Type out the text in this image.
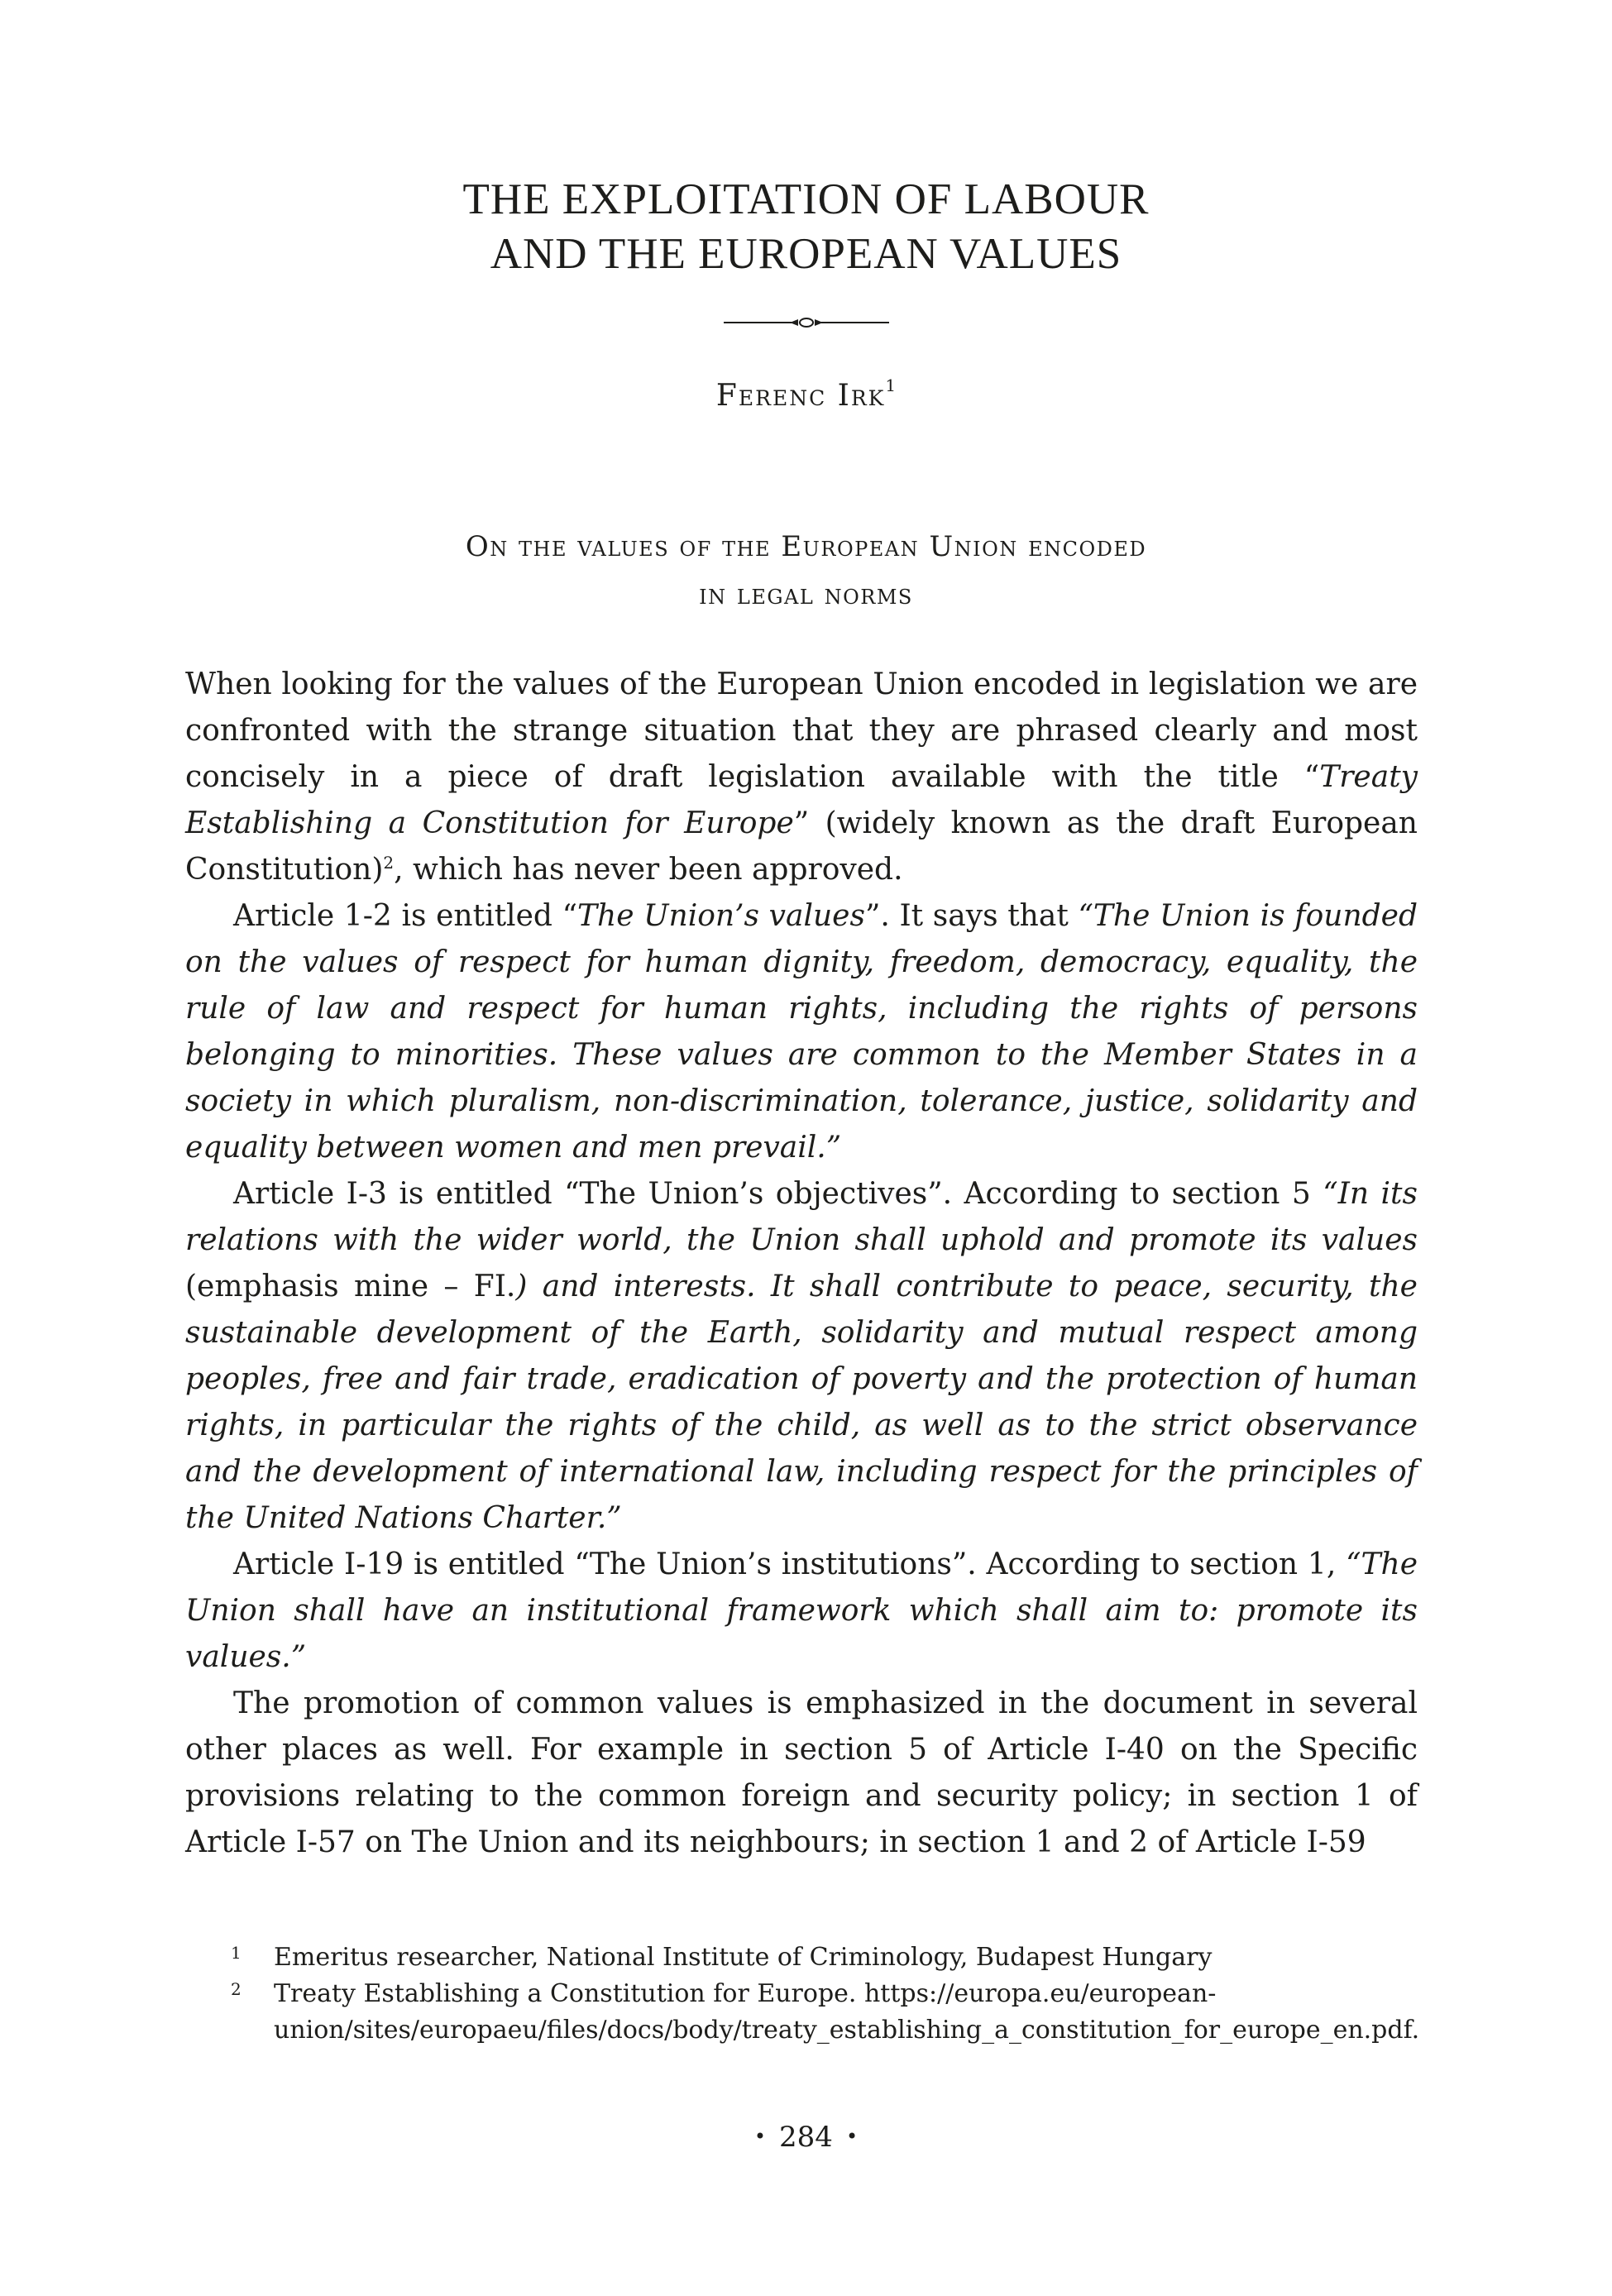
THE EXPLOITATION OF LABOUR
AND THE EUROPEAN VALUES
Ferenc Irk$^1$
On the values of the European Union encoded
in legal norms

When looking for the values of the European Union encoded in legislation we are confronted with the strange situation that they are phrased clearly and most concisely in a piece of draft legislation available with the title “Treaty Establishing a Constitution for Europe” (widely known as the draft European Constitution)$^2$, which has never been approved.

Article 1-2 is entitled “The Union’s values”. It says that “The Union is founded on the values of respect for human dignity, freedom, democracy, equality, the rule of law and respect for human rights, including the rights of persons belonging to minorities. These values are common to the Member States in a society in which pluralism, non-discrimination, tolerance, justice, solidarity and equality between women and men prevail.”

Article I-3 is entitled “The Union’s objectives”. According to section 5 “In its relations with the wider world, the Union shall uphold and promote its values (emphasis mine – FI.) and interests. It shall contribute to peace, security, the sustainable development of the Earth, solidarity and mutual respect among peoples, free and fair trade, eradication of poverty and the protection of human rights, in particular the rights of the child, as well as to the strict observance and the development of international law, including respect for the principles of the United Nations Charter.”

Article I-19 is entitled “The Union’s institutions”. According to section 1, “The Union shall have an institutional framework which shall aim to: promote its values.”

The promotion of common values is emphasized in the document in several other places as well. For example in section 5 of Article I-40 on the Specific provisions relating to the common foreign and security policy; in section 1 of Article I-57 on The Union and its neighbours; in section 1 and 2 of Article I-59

1 Emeritus researcher, National Institute of Criminology, Budapest Hungary

2 Treaty Establishing a Constitution for Europe. https://europa.eu/european-union/sites/europaeu/files/docs/body/treaty_establishing_a_constitution_for_europe_en.pdf.

• 284 •
